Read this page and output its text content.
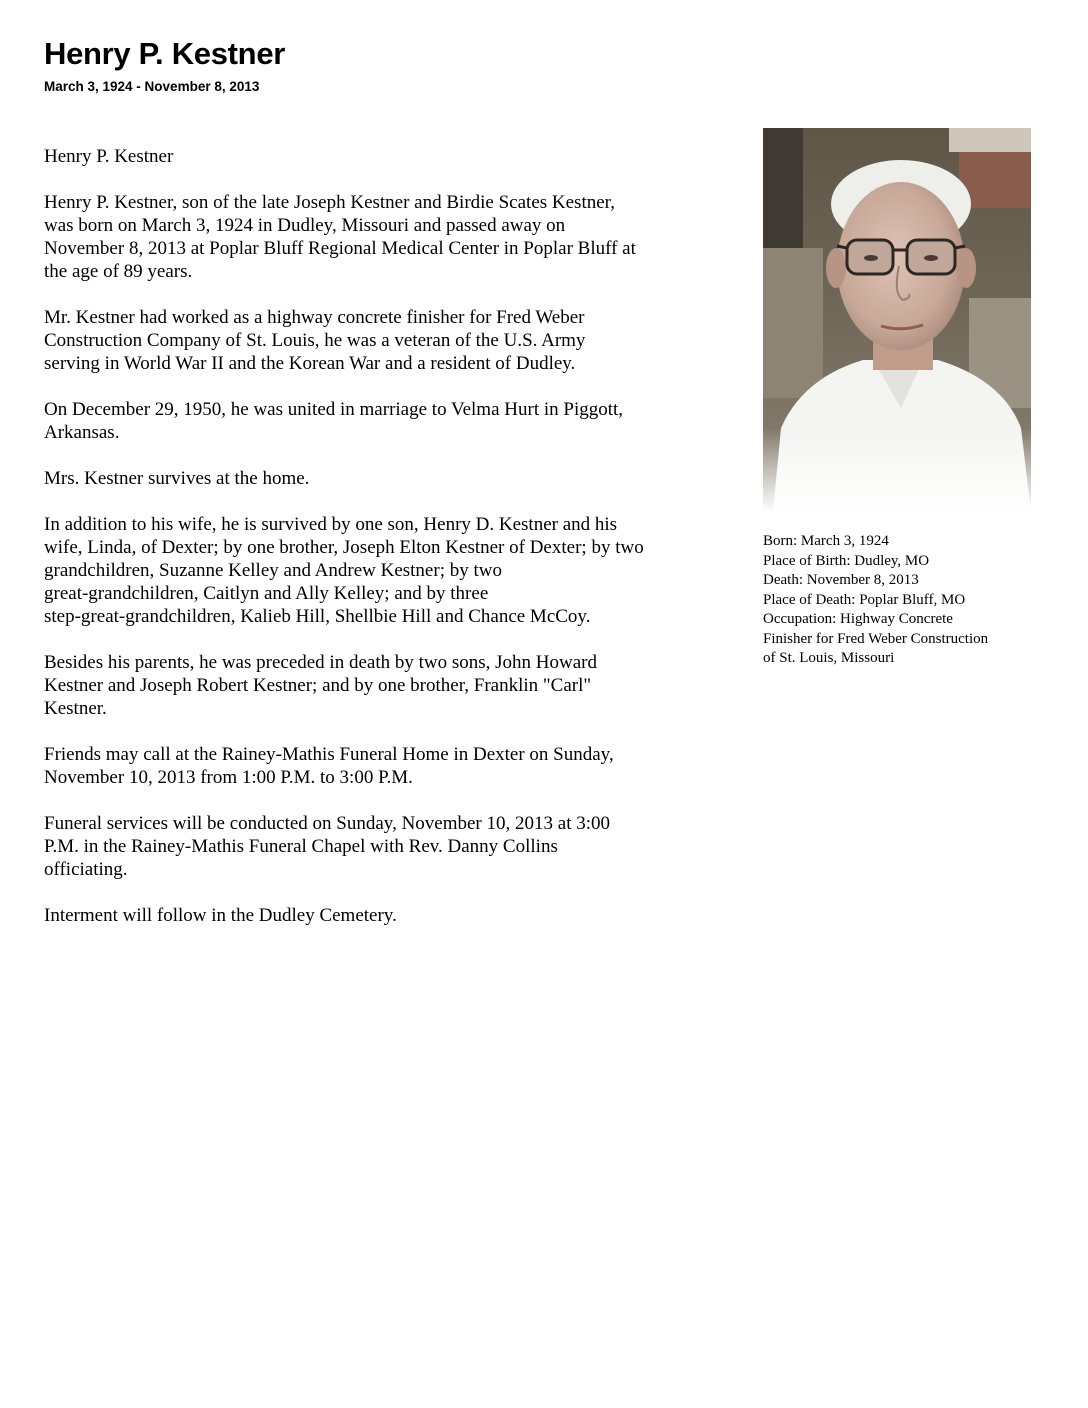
Henry P. Kestner
March 3, 1924 - November 8, 2013

Henry P. Kestner

Henry P. Kestner, son of the late Joseph Kestner and Birdie Scates Kestner,
was born on March 3, 1924 in Dudley, Missouri and passed away on
November 8, 2013 at Poplar Bluff Regional Medical Center in Poplar Bluff at
the age of 89 years.

Mr. Kestner had worked as a highway concrete finisher for Fred Weber
Construction Company of St. Louis, he was a veteran of the U.S. Army
serving in World War II and the Korean War and a resident of Dudley.

On December 29, 1950, he was united in marriage to Velma Hurt in Piggott,
Arkansas.

Mrs. Kestner survives at the home.

In addition to his wife, he is survived by one son, Henry D. Kestner and his
wife, Linda, of Dexter; by one brother, Joseph Elton Kestner of Dexter; by two
grandchildren, Suzanne Kelley and Andrew Kestner; by two
great-grandchildren, Caitlyn and Ally Kelley; and by three
step-great-grandchildren, Kalieb Hill, Shellbie Hill and Chance McCoy.

Besides his parents, he was preceded in death by two sons, John Howard
Kestner and Joseph Robert Kestner; and by one brother, Franklin "Carl"
Kestner.

Friends may call at the Rainey-Mathis Funeral Home in Dexter on Sunday,
November 10, 2013 from 1:00 P.M. to 3:00 P.M.

Funeral services will be conducted on Sunday, November 10, 2013 at 3:00
P.M. in the Rainey-Mathis Funeral Chapel with Rev. Danny Collins
officiating.

Interment will follow in the Dudley Cemetery.

Born: March 3, 1924
Place of Birth: Dudley, MO
Death: November 8, 2013
Place of Death: Poplar Bluff, MO
Occupation: Highway Concrete
Finisher for Fred Weber Construction
of St. Louis, Missouri
